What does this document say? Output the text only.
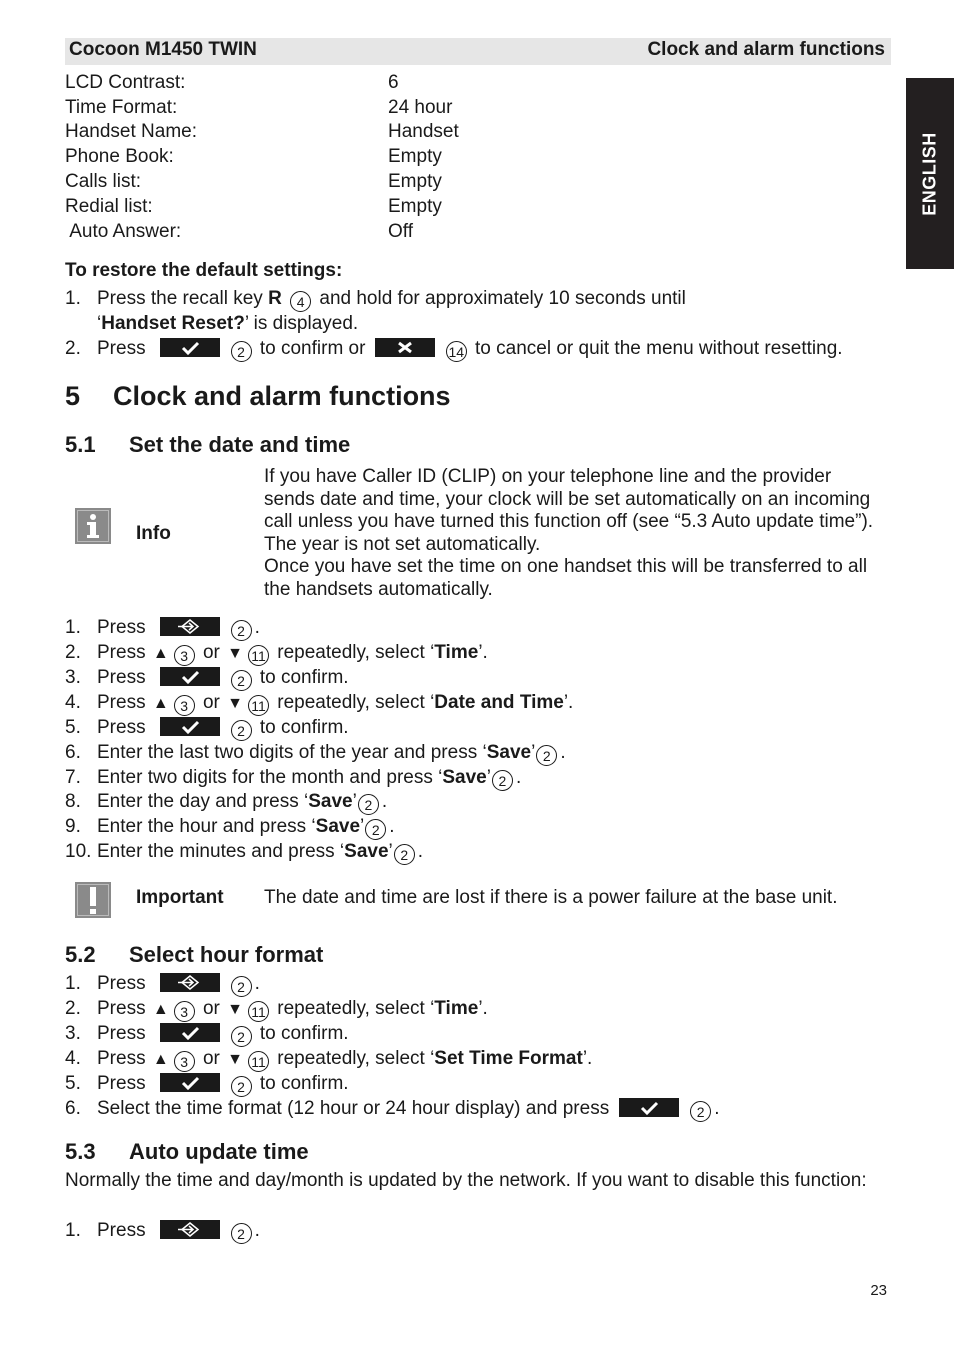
Cocoon M1450 TWIN	Clock and alarm functions
ENGLISH
LCD Contrast:	6
Time Format:	24 hour
Handset Name:	Handset
Phone Book:	Empty
Calls list:	Empty
Redial list:	Empty
Auto Answer:	Off
To restore the default settings:
1. Press the recall key R 4 and hold for approximately 10 seconds until
‘Handset Reset?’ is displayed.
2. Press	2 to confirm or	14 to cancel or quit the menu without resetting.
5 Clock and alarm functions
5.1 Set the date and time
Info
If you have Caller ID (CLIP) on your telephone line and the provider sends date and time, your clock will be set automatically on an incoming call unless you have turned this function off (see “5.3 Auto update time”). The year is not set automatically.
Once you have set the time on one handset this will be transferred to all the handsets automatically.
1. Press	2 .
2. Press ▲ 3 or ▼ 11 repeatedly, select ‘Time’.
3. Press	2 to confirm.
4. Press ▲ 3 or ▼ 11 repeatedly, select ‘Date and Time’.
5. Press	2 to confirm.
6. Enter the last two digits of the year and press ‘Save’ 2 .
7. Enter two digits for the month and press ‘Save’ 2 .
8. Enter the day and press ‘Save’ 2 .
9. Enter the hour and press ‘Save’ 2 .
10. Enter the minutes and press ‘Save’ 2 .
Important The date and time are lost if there is a power failure at the base unit.
5.2 Select hour format
1. Press	2 .
2. Press ▲ 3 or ▼ 11 repeatedly, select ‘Time’.
3. Press	2 to confirm.
4. Press ▲ 3 or ▼ 11 repeatedly, select ‘Set Time Format’.
5. Press	2 to confirm.
6. Select the time format (12 hour or 24 hour display) and press	2 .
5.3 Auto update time
Normally the time and day/month is updated by the network. If you want to disable this function:
1. Press	2 .
23
